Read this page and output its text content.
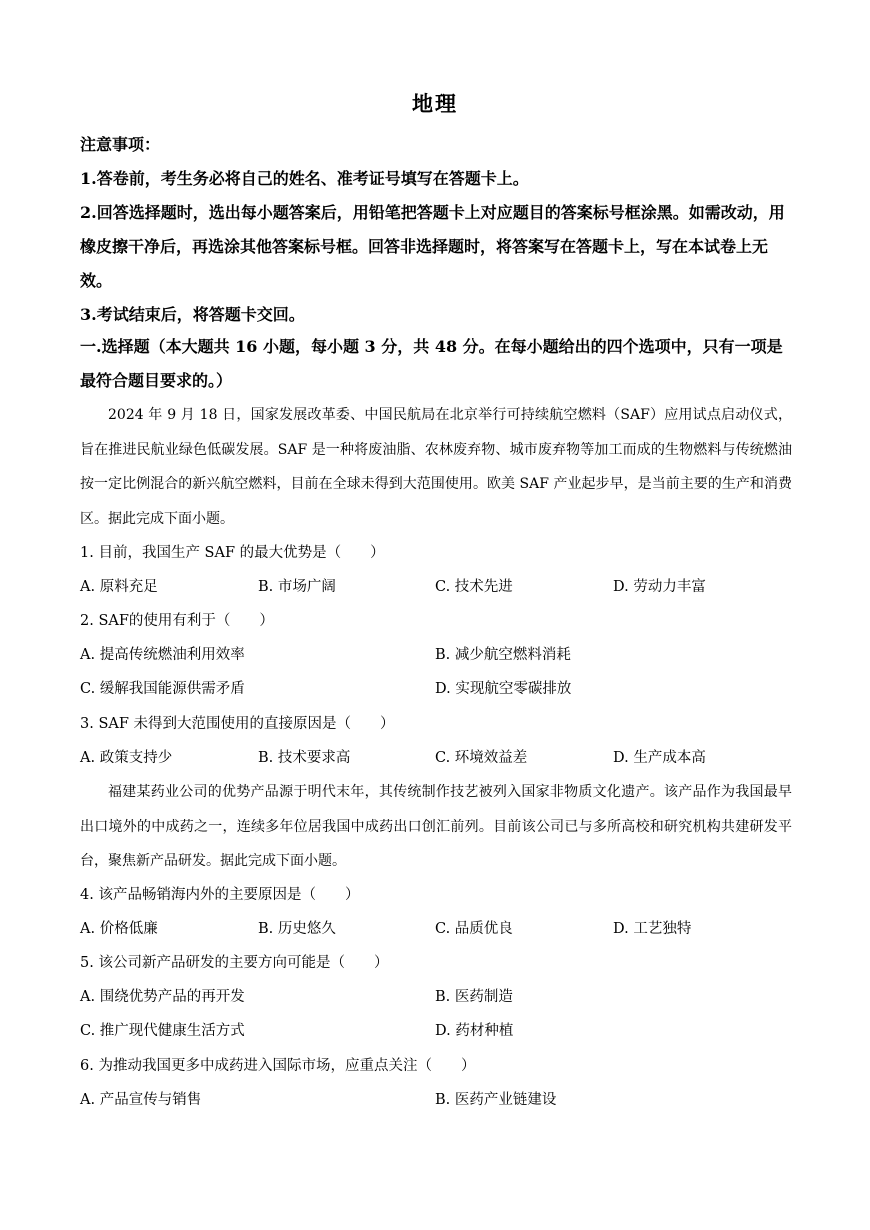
地理

注意事项：

1.答卷前，考生务必将自己的姓名、准考证号填写在答题卡上。

2.回答选择题时，选出每小题答案后，用铅笔把答题卡上对应题目的答案标号框涂黑。如需改动，用橡皮擦干净后，再选涂其他答案标号框。回答非选择题时，将答案写在答题卡上，写在本试卷上无效。

3.考试结束后，将答题卡交回。

一.选择题（本大题共 16 小题，每小题 3 分，共 48 分。在每小题给出的四个选项中，只有一项是最符合题目要求的。）
2024 年 9 月 18 日，国家发展改革委、中国民航局在北京举行可持续航空燃料（SAF）应用试点启动仪式，旨在推进民航业绿色低碳发展。SAF 是一种将废油脂、农林废弃物、城市废弃物等加工而成的生物燃料与传统燃油按一定比例混合的新兴航空燃料，目前在全球未得到大范围使用。欧美 SAF 产业起步早，是当前主要的生产和消费区。据此完成下面小题。
1. 目前，我国生产 SAF 的最大优势是（　　）
A. 原料充足	B. 市场广阔	C. 技术先进	D. 劳动力丰富
2. SAF的使用有利于（　　）
A. 提高传统燃油利用效率	B. 减少航空燃料消耗
C. 缓解我国能源供需矛盾	D. 实现航空零碳排放
3. SAF 未得到大范围使用的直接原因是（　　）
A. 政策支持少	B. 技术要求高	C. 环境效益差	D. 生产成本高
福建某药业公司的优势产品源于明代末年，其传统制作技艺被列入国家非物质文化遗产。该产品作为我国最早出口境外的中成药之一，连续多年位居我国中成药出口创汇前列。目前该公司已与多所高校和研究机构共建研发平台，聚焦新产品研发。据此完成下面小题。
4. 该产品畅销海内外的主要原因是（　　）
A. 价格低廉	B. 历史悠久	C. 品质优良	D. 工艺独特
5. 该公司新产品研发的主要方向可能是（　　）
A. 围绕优势产品的再开发	B. 医药制造
C. 推广现代健康生活方式	D. 药材种植
6. 为推动我国更多中成药进入国际市场，应重点关注（　　）
A. 产品宣传与销售	B. 医药产业链建设
